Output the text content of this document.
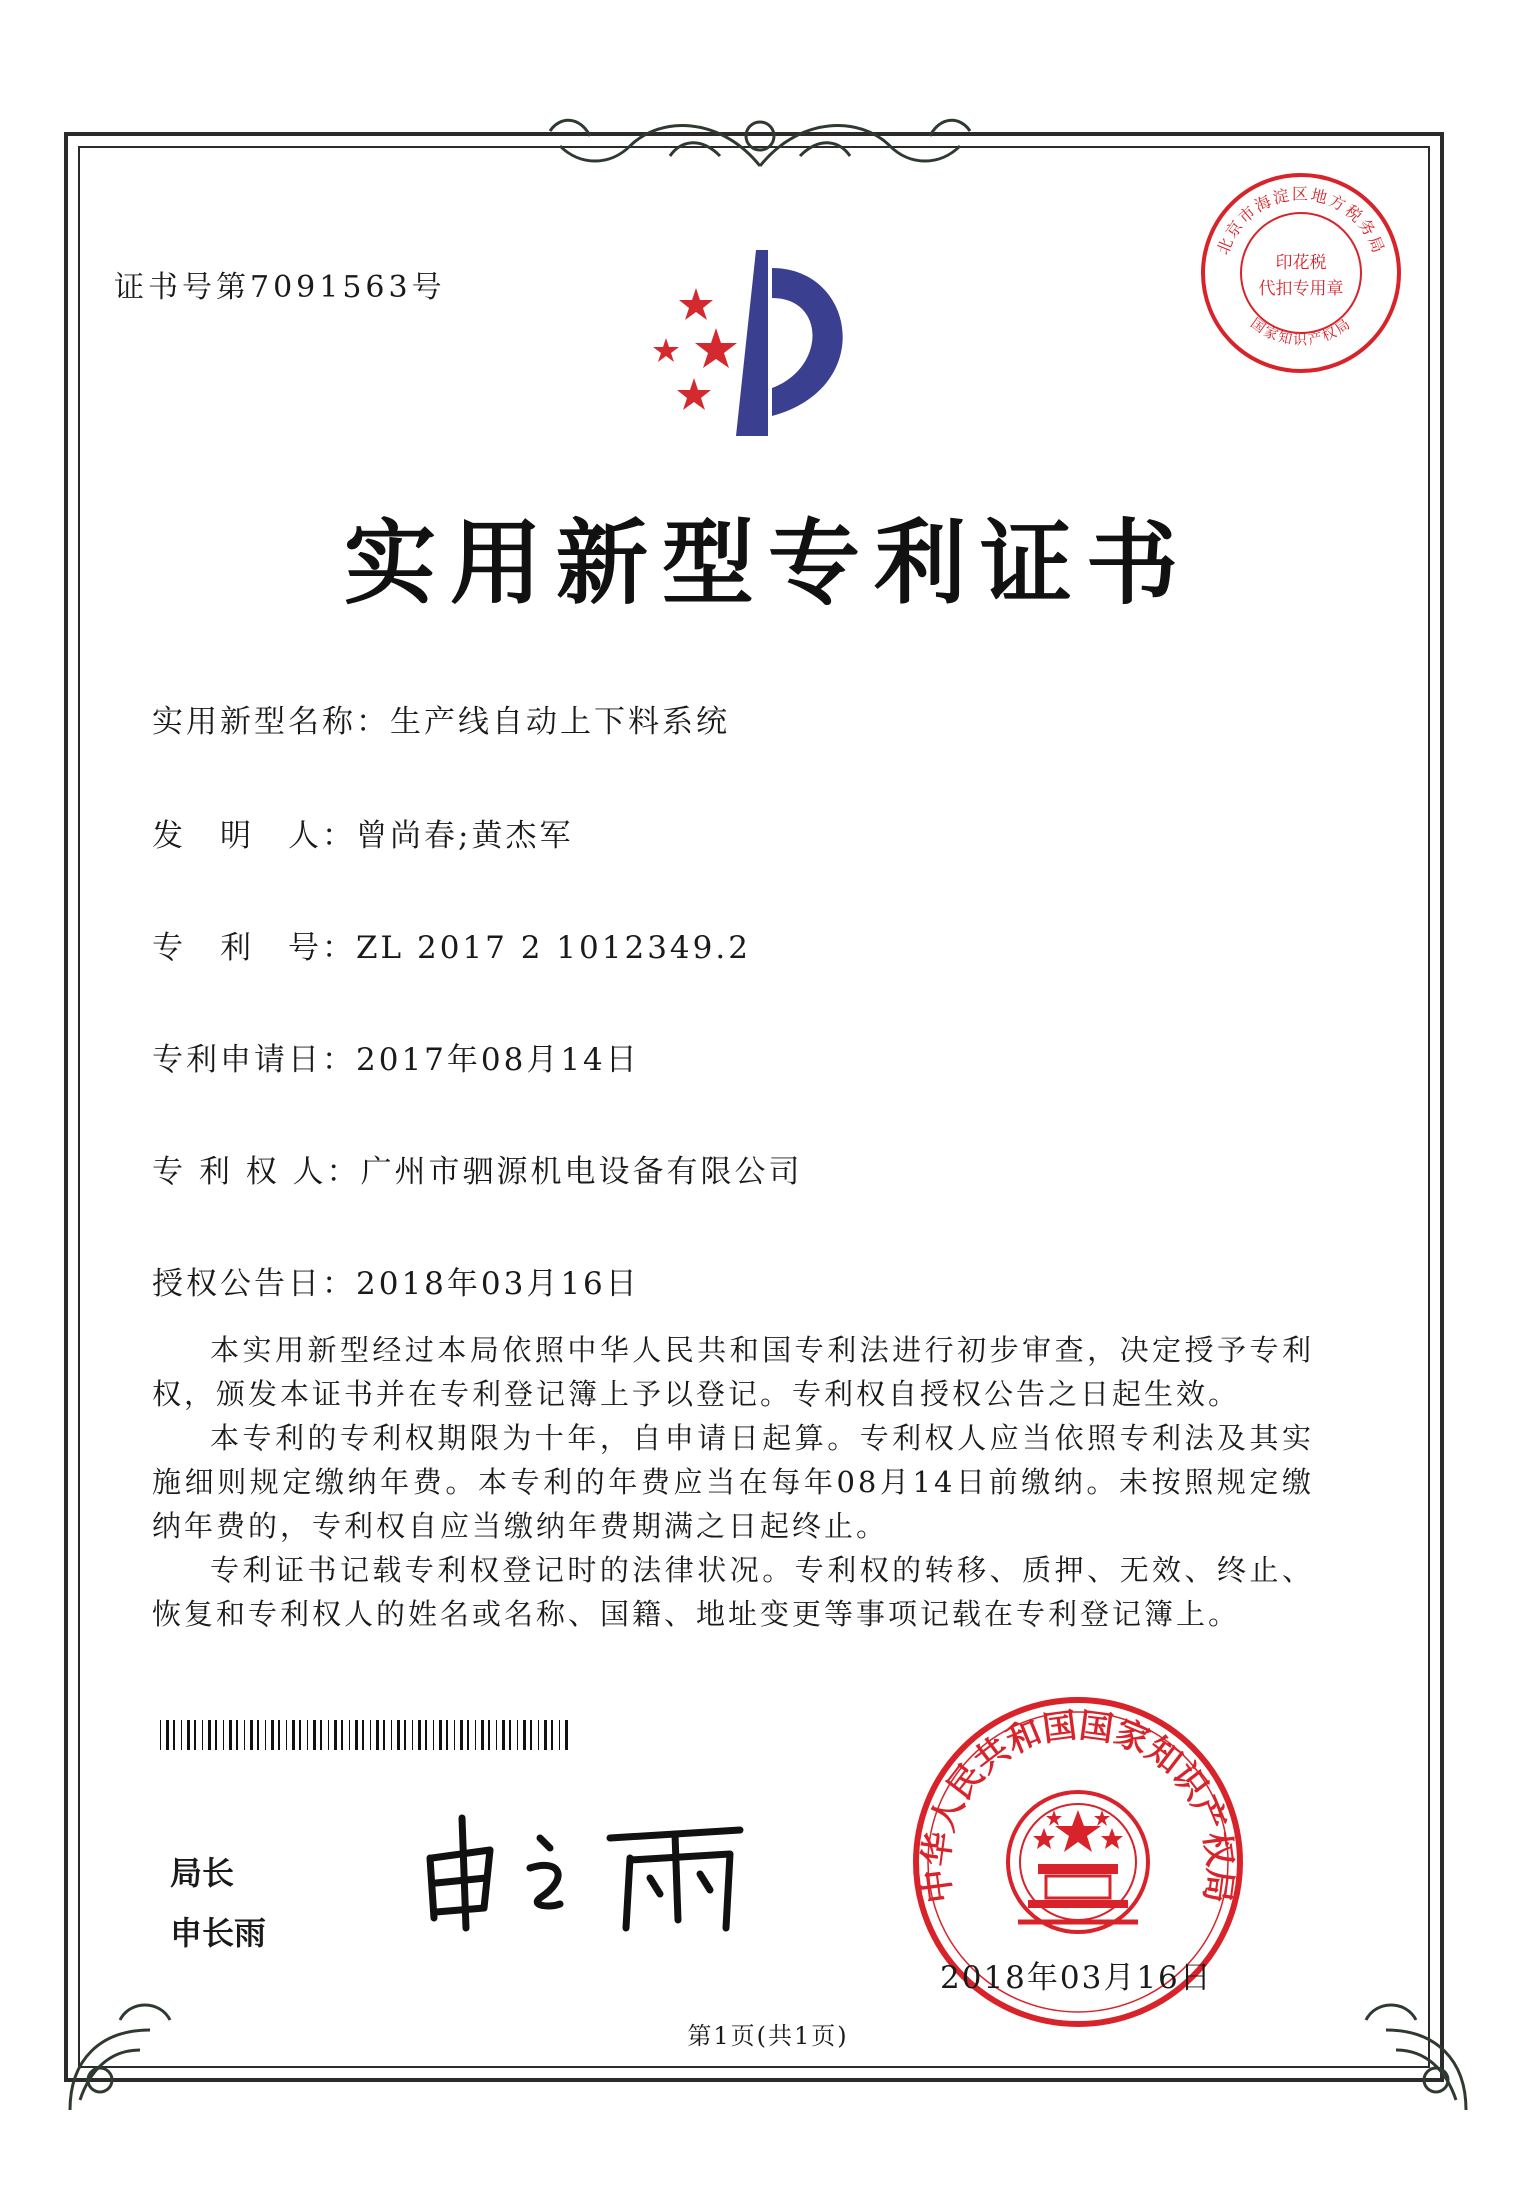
证书号第7091563号
北京市海淀区地方税务局
国家知识产权局
印花税
代扣专用章
实用新型专利证书
实用新型名称：生产线自动上下料系统
发　明　人：曾尚春;黄杰军
专　利　号：ZL 2017 2 1012349.2
专利申请日：2017年08月14日
专 利 权 人：广州市驷源机电设备有限公司
授权公告日：2018年03月16日

本实用新型经过本局依照中华人民共和国专利法进行初步审查，决定授予专利权，颁发本证书并在专利登记簿上予以登记。专利权自授权公告之日起生效。

本专利的专利权期限为十年，自申请日起算。专利权人应当依照专利法及其实施细则规定缴纳年费。本专利的年费应当在每年08月14日前缴纳。未按照规定缴纳年费的，专利权自应当缴纳年费期满之日起终止。

专利证书记载专利权登记时的法律状况。专利权的转移、质押、无效、终止、恢复和专利权人的姓名或名称、国籍、地址变更等事项记载在专利登记簿上。

局长
申长雨
中华人民共和国国家知识产权局
2018年03月16日
第1页(共1页)
